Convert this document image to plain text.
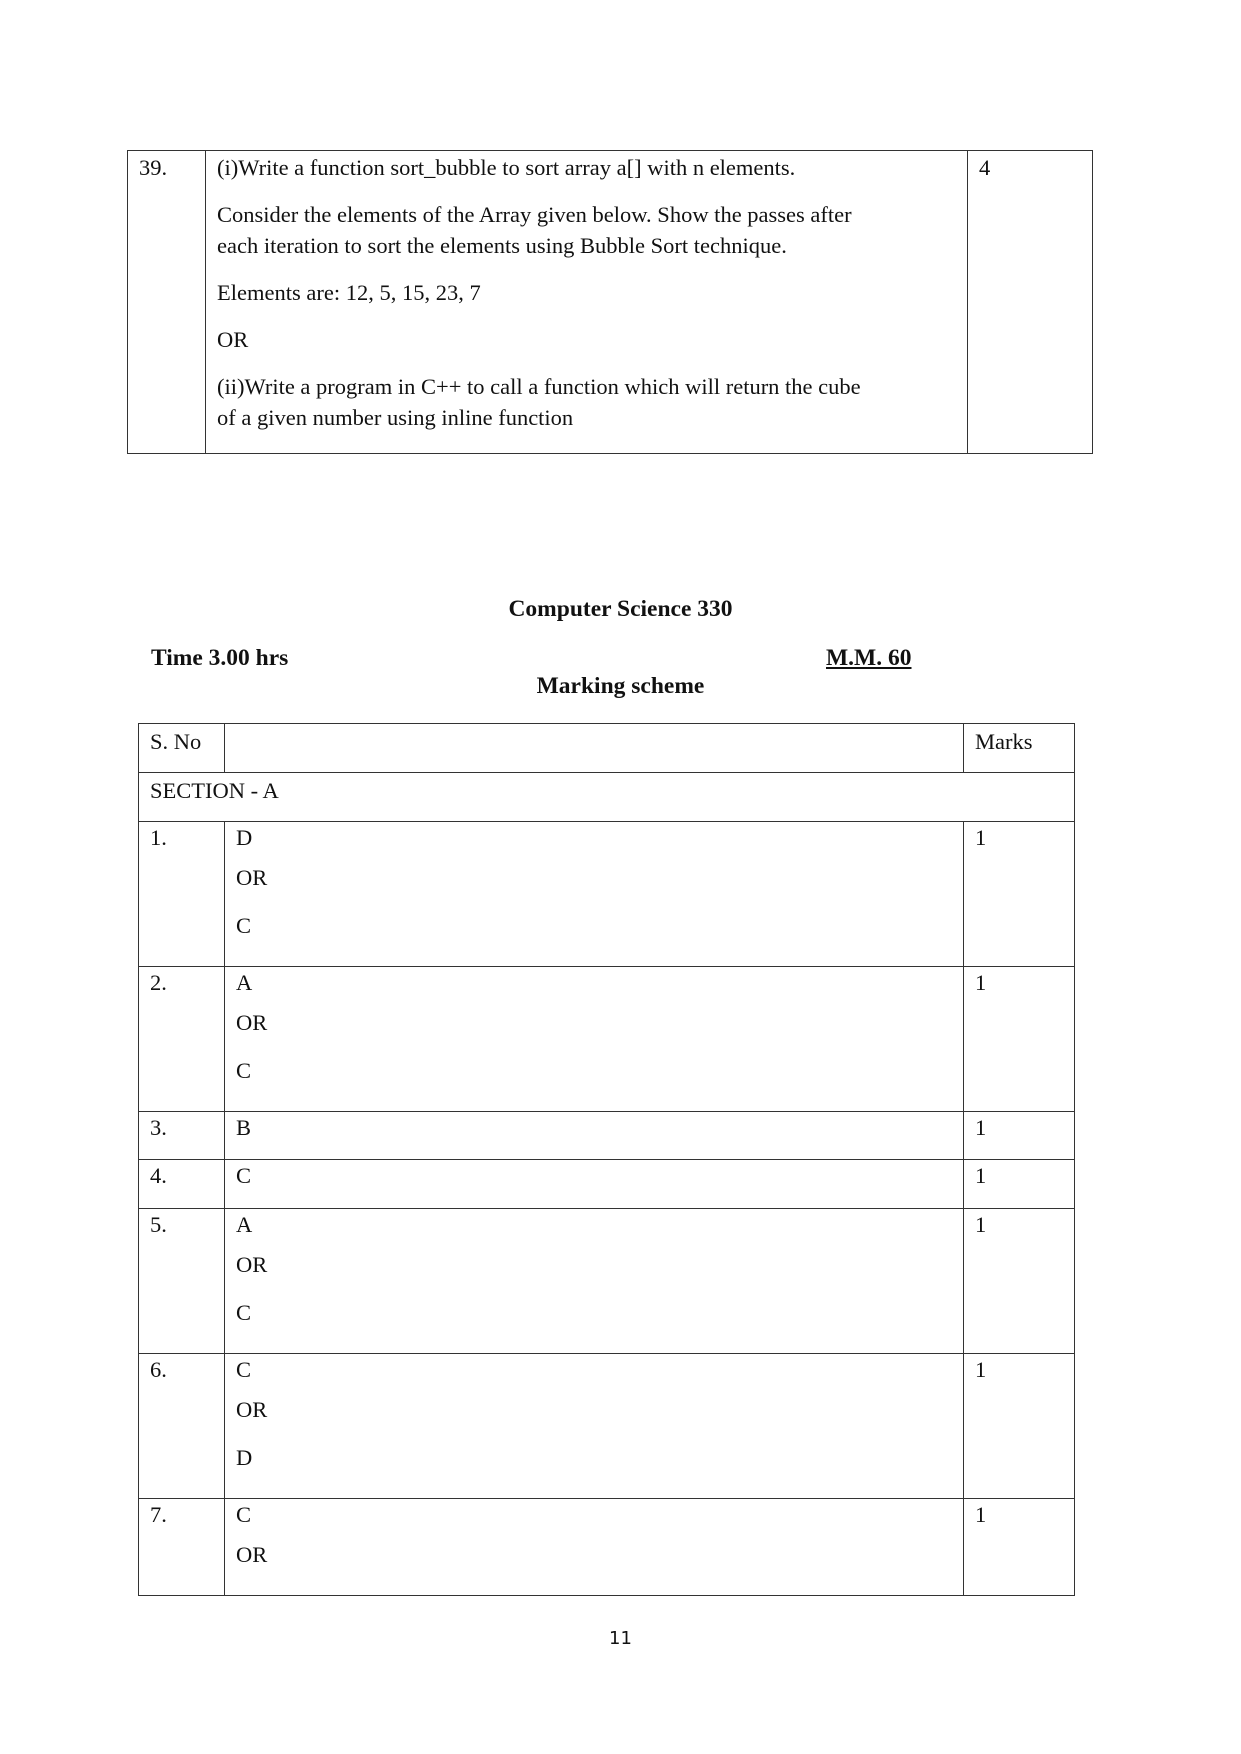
39.	(i)Write a function sort_bubble to sort array a[] with n elements.

Consider the elements of the Array given below. Show the passes after
each iteration to sort the elements using Bubble Sort technique.

Elements are: 12, 5, 15, 23, 7

OR

(ii)Write a program in C++ to call a function which will return the cube
of a given number using inline function

4

Computer Science 330

Time 3.00 hrs	M.M. 60

Marking scheme

S. No		Marks
SECTION - A		
1.	D
OR
C	1
2.	A
OR
C	1
3.	B	1
4.	C	1
5.	A
OR
C	1
6.	C
OR
D	1
7.	C
OR	1
11
